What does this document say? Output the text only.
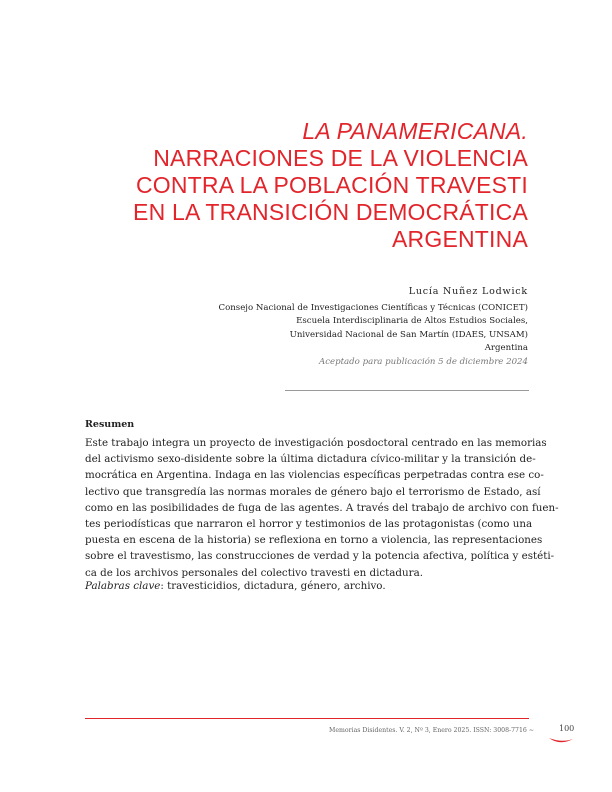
LA PANAMERICANA.
NARRACIONES DE LA VIOLENCIA
CONTRA LA POBLACIÓN TRAVESTI
EN LA TRANSICIÓN DEMOCRÁTICA
ARGENTINA
Lucía Nuñez Lodwick
Consejo Nacional de Investigaciones Científicas y Técnicas (CONICET)
Escuela Interdisciplinaria de Altos Estudios Sociales,
Universidad Nacional de San Martín (IDAES, UNSAM)
Argentina
Aceptado para publicación 5 de diciembre 2024
Resumen
Este trabajo integra un proyecto de investigación posdoctoral centrado en las memorias
del activismo sexo-disidente sobre la última dictadura cívico-militar y la transición de-
mocrática en Argentina. Indaga en las violencias específicas perpetradas contra ese co-
lectivo que transgredía las normas morales de género bajo el terrorismo de Estado, así
como en las posibilidades de fuga de las agentes. A través del trabajo de archivo con fuen-
tes periodísticas que narraron el horror y testimonios de las protagonistas (como una
puesta en escena de la historia) se reflexiona en torno a violencia, las representaciones
sobre el travestismo, las construcciones de verdad y la potencia afectiva, política y estéti-
ca de los archivos personales del colectivo travesti en dictadura.
Palabras clave: travesticidios, dictadura, género, archivo.
Memorias Disidentes. V. 2, Nº 3, Enero 2025. ISSN: 3008-7716 ~	100
